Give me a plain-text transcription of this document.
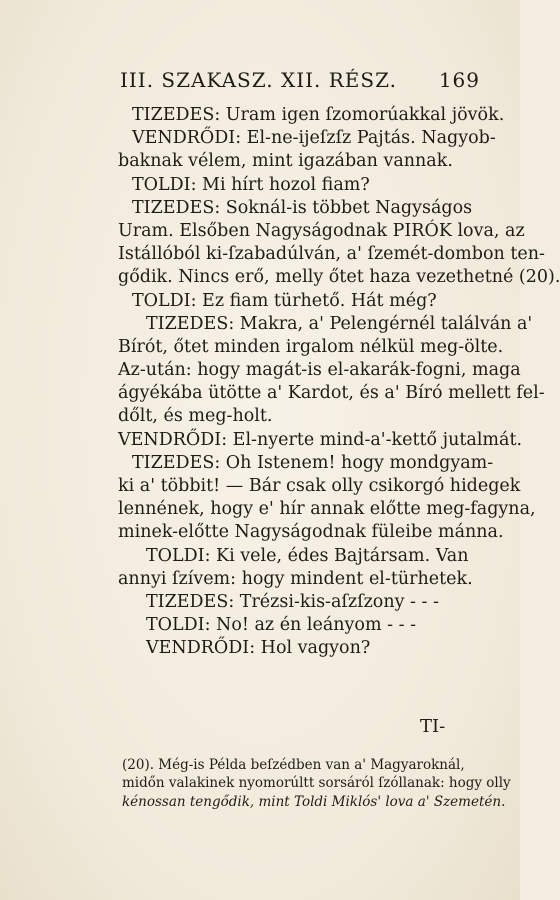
III. SZAKASZ. XII. RÉSZ. 169
TIZEDES: Uram igen ſzomorúakkal jövök.
VENDRŐDI: El-ne-ijeſzſz Pajtás. Nagyob-
baknak vélem, mint igazában vannak.
TOLDI: Mi hírt hozol fiam?
TIZEDES: Soknál-is többet Nagyságos
Uram. Elsőben Nagyságodnak PIRÓK lova, az
Istállóból ki-ſzabadúlván, a' ſzemét-dombon ten-
gődik. Nincs erő, melly őtet haza vezethetné (20).
TOLDI: Ez fiam türhető. Hát még?
TIZEDES: Makra, a' Pelengérnél találván a'
Bírót, őtet minden irgalom nélkül meg-ölte.
Az-után: hogy magát-is el-akarák-fogni, maga
ágyékába ütötte a' Kardot, és a' Bíró mellett fel-
dőlt, és meg-holt.
VENDRŐDI: El-nyerte mind-a'-kettő jutalmát.
TIZEDES: Oh Istenem! hogy mondgyam-
ki a' többit! — Bár csak olly csikorgó hidegek
lennének, hogy e' hír annak előtte meg-fagyna,
minek-előtte Nagyságodnak füleibe mánna.
TOLDI: Ki vele, édes Bajtársam. Van
annyi ſzívem: hogy mindent el-türhetek.
TIZEDES: Trézsi-kis-aſzſzony - - -
TOLDI: No! az én leányom - - -
VENDRŐDI: Hol vagyon?
TI-
(20). Még-is Példa beſzédben van a' Magyaroknál,
midőn valakinek nyomorúltt sorsáról ſzóllanak: hogy olly
kénossan tengődik, mint Toldi Miklós' lova a' Szemetén.
